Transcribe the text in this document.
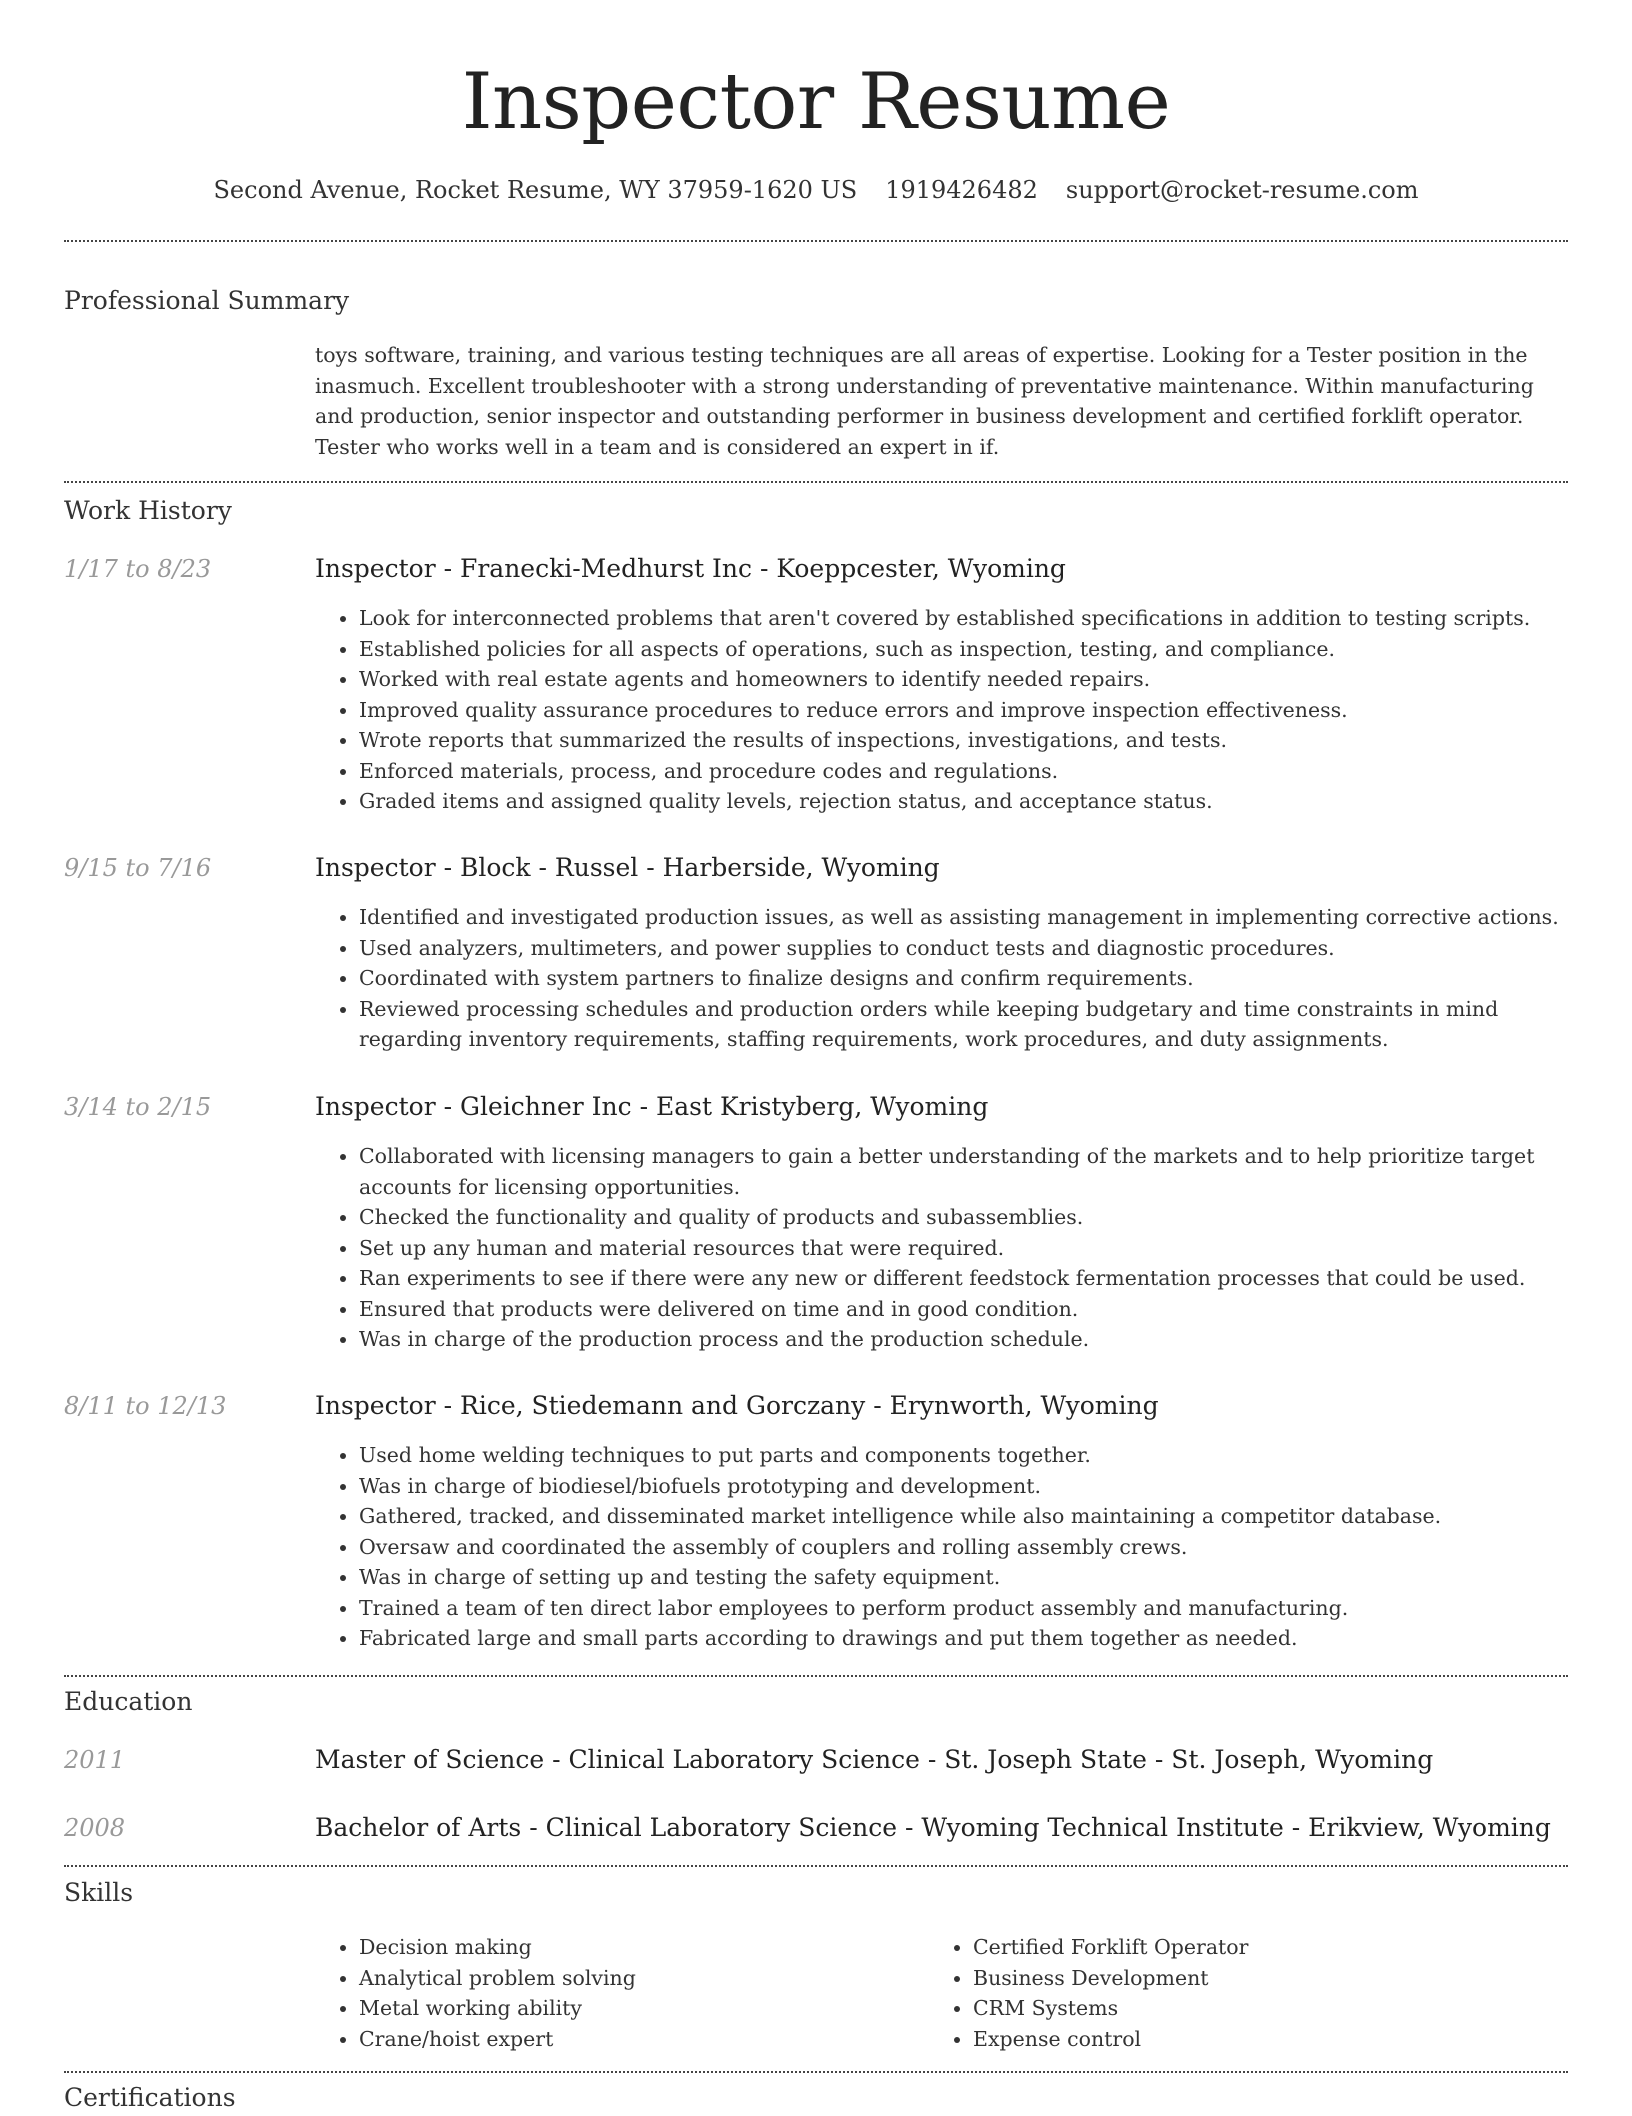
Inspector Resume
Second Avenue, Rocket Resume, WY 37959-1620 US 1919426482 support@rocket-resume.com
Professional Summary
toys software, training, and various testing techniques are all areas of expertise. Looking for a Tester position in the inasmuch. Excellent troubleshooter with a strong understanding of preventative maintenance. Within manufacturing and production, senior inspector and outstanding performer in business development and certified forklift operator. Tester who works well in a team and is considered an expert in if.
Work History
1/17 to 8/23	Inspector - Franecki-Medhurst Inc - Koeppcester, Wyoming
• Look for interconnected problems that aren't covered by established specifications in addition to testing scripts.
• Established policies for all aspects of operations, such as inspection, testing, and compliance.
• Worked with real estate agents and homeowners to identify needed repairs.
• Improved quality assurance procedures to reduce errors and improve inspection effectiveness.
• Wrote reports that summarized the results of inspections, investigations, and tests.
• Enforced materials, process, and procedure codes and regulations.
• Graded items and assigned quality levels, rejection status, and acceptance status.
9/15 to 7/16	Inspector - Block - Russel - Harberside, Wyoming
• Identified and investigated production issues, as well as assisting management in implementing corrective actions.
• Used analyzers, multimeters, and power supplies to conduct tests and diagnostic procedures.
• Coordinated with system partners to finalize designs and confirm requirements.
• Reviewed processing schedules and production orders while keeping budgetary and time constraints in mind regarding inventory requirements, staffing requirements, work procedures, and duty assignments.
3/14 to 2/15	Inspector - Gleichner Inc - East Kristyberg, Wyoming
• Collaborated with licensing managers to gain a better understanding of the markets and to help prioritize target accounts for licensing opportunities.
• Checked the functionality and quality of products and subassemblies.
• Set up any human and material resources that were required.
• Ran experiments to see if there were any new or different feedstock fermentation processes that could be used.
• Ensured that products were delivered on time and in good condition.
• Was in charge of the production process and the production schedule.
8/11 to 12/13	Inspector - Rice, Stiedemann and Gorczany - Erynworth, Wyoming
• Used home welding techniques to put parts and components together.
• Was in charge of biodiesel/biofuels prototyping and development.
• Gathered, tracked, and disseminated market intelligence while also maintaining a competitor database.
• Oversaw and coordinated the assembly of couplers and rolling assembly crews.
• Was in charge of setting up and testing the safety equipment.
• Trained a team of ten direct labor employees to perform product assembly and manufacturing.
• Fabricated large and small parts according to drawings and put them together as needed.
Education
2011	Master of Science - Clinical Laboratory Science - St. Joseph State - St. Joseph, Wyoming
2008	Bachelor of Arts - Clinical Laboratory Science - Wyoming Technical Institute - Erikview, Wyoming
Skills
• Decision making
• Analytical problem solving
• Metal working ability
• Crane/hoist expert
• Certified Forklift Operator
• Business Development
• CRM Systems
• Expense control
Certifications
